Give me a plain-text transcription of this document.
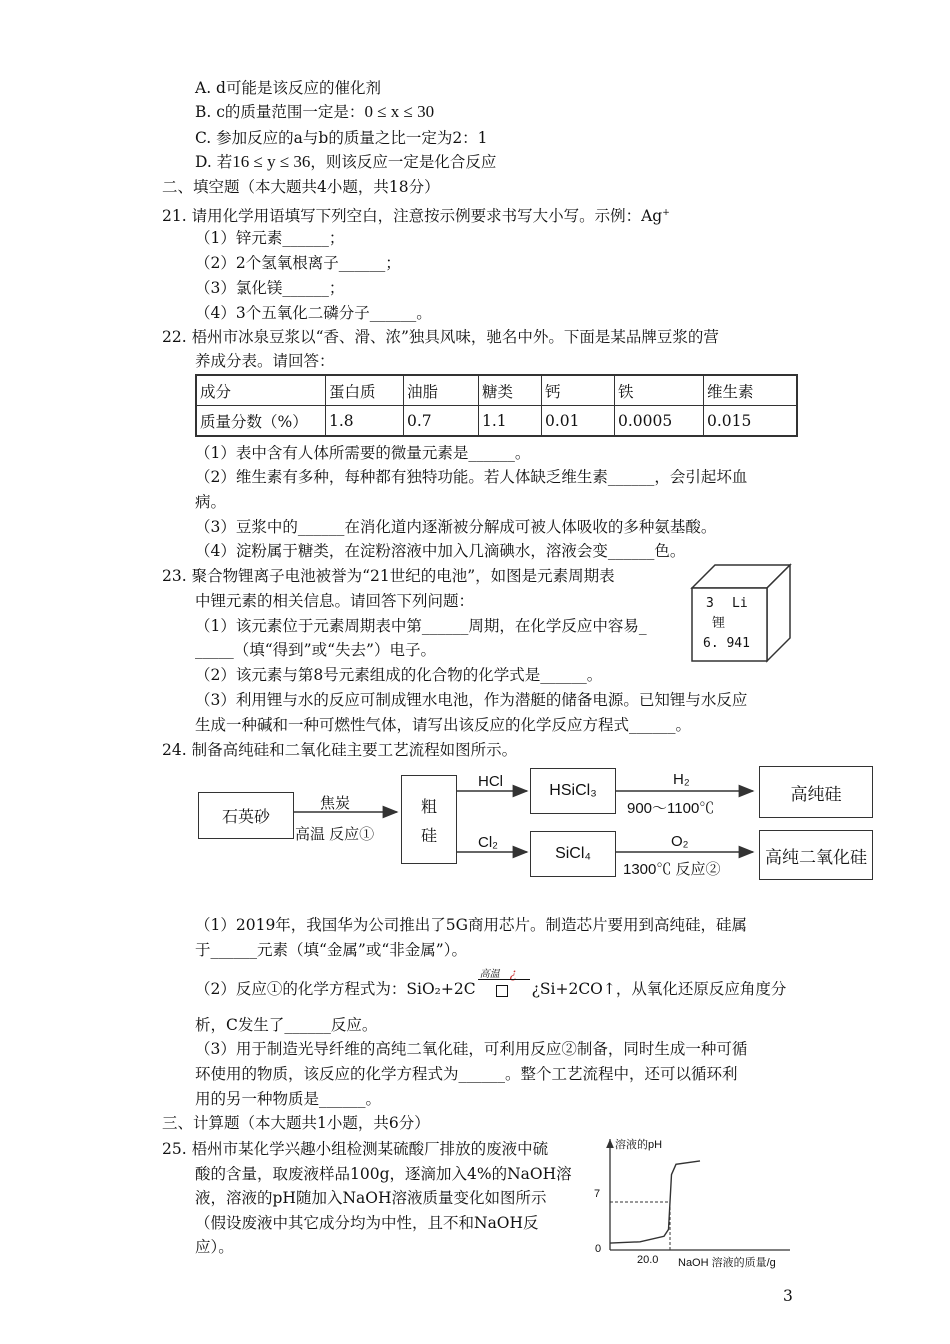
A. d可能是该反应的催化剂
B. c的质量范围一定是：0 ≤ x ≤ 30
C. 参加反应的a与b的质量之比一定为2：1
D. 若16 ≤ y ≤ 36，则该反应一定是化合反应
二、填空题（本大题共4小题，共18分）
21. 请用化学用语填写下列空白，注意按示例要求书写大小写。示例：Ag+
（1）锌元素______；
（2）2个氢氧根离子______；
（3）氯化镁______；
（4）3个五氧化二磷分子______。
22. 梧州市冰泉豆浆以“香、滑、浓”独具风味，驰名中外。下面是某品牌豆浆的营
养成分表。请回答：
成分	蛋白质	油脂	糖类	钙	铁	维生素
质量分数（%）	1.8	0.7	1.1	0.01	0.0005	0.015
（1）表中含有人体所需要的微量元素是______。
（2）维生素有多种，每种都有独特功能。若人体缺乏维生素______，会引起坏血
病。
（3）豆浆中的______在消化道内逐渐被分解成可被人体吸收的多种氨基酸。
（4）淀粉属于糖类，在淀粉溶液中加入几滴碘水，溶液会变______色。
23. 聚合物锂离子电池被誉为“21世纪的电池”，如图是元素周期表
中锂元素的相关信息。请回答下列问题：
（1）该元素位于元素周期表中第______周期，在化学反应中容易_
_____（填“得到”或“失去”）电子。
（2）该元素与第8号元素组成的化合物的化学式是______。
（3）利用锂与水的反应可制成锂水电池，作为潜艇的储备电源。已知锂与水反应
生成一种碱和一种可燃性气体，请写出该反应的化学反应方程式______。
3 Li
锂
6. 941
24. 制备高纯硅和二氧化硅主要工艺流程如图所示。
石英砂
焦炭
高温 反应①
粗
硅
HCl
Cl₂
HSiCl₃
SiCl₄
H₂
900～1100℃
O₂
1300℃ 反应②
高纯硅
高纯二氧化硅
（1）2019年，我国华为公司推出了5G商用芯片。制造芯片要用到高纯硅，硅属
于______元素（填“金属”或“非金属”）。
（2）反应①的化学方程式为：SiO₂+2C
高温 ¿
¿Si+2CO↑，从氧化还原反应角度分
析，C发生了______反应。
（3）用于制造光导纤维的高纯二氧化硅，可利用反应②制备，同时生成一种可循
环使用的物质，该反应的化学方程式为______。整个工艺流程中，还可以循环利
用的另一种物质是______。
三、计算题（本大题共1小题，共6分）
25. 梧州市某化学兴趣小组检测某硫酸厂排放的废液中硫
酸的含量，取废液样品100g，逐滴加入4%的NaOH溶
液，溶液的pH随加入NaOH溶液质量变化如图所示
（假设废液中其它成分均为中性，且不和NaOH反
应）。
溶液的pH
7
0
20.0 NaOH 溶液的质量/g
3
